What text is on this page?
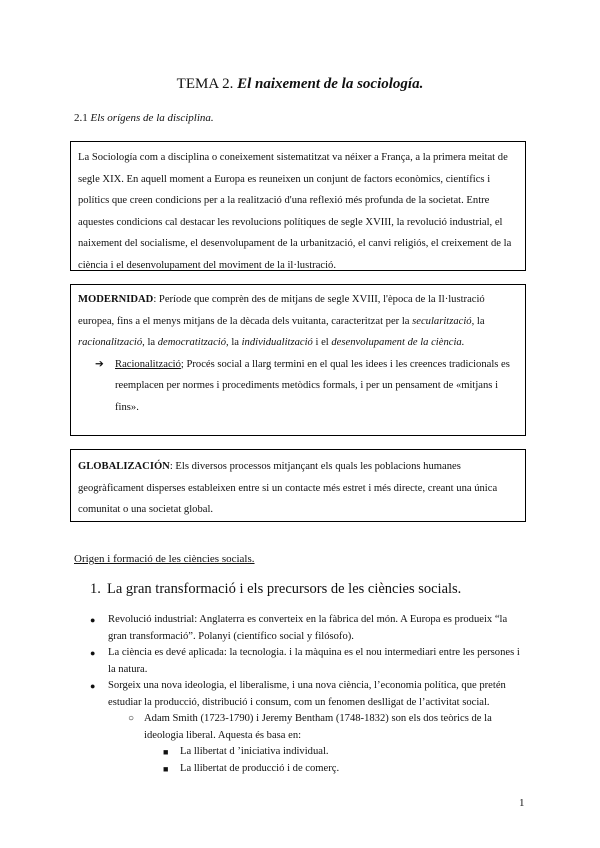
TEMA 2. El naixement de la sociología.
2.1 Els orígens de la disciplina.

La Sociología com a disciplina o coneixement sistematitzat va néixer a França, a la primera meitat de segle XIX. En aquell moment a Europa es reuneixen un conjunt de factors econòmics, científics i polítics que creen condicions per a la realització d'una reflexió més profunda de la societat. Entre aquestes condicions cal destacar les revolucions polítiques de segle XVIII, la revolució industrial, el naixement del socialisme, el desenvolupament de la urbanització, el canvi religiós, el creixement de la ciència i el desenvolupament del moviment de la il·lustració.

MODERNIDAD: Període que comprèn des de mitjans de segle XVIII, l'època de la Il·lustració europea, fins a el menys mitjans de la dècada dels vuitanta, caracteritzat per la secularització, la racionalització, la democratització, la individualització i el desenvolupament de la ciència.

➔ Racionalització; Procés social a llarg termini en el qual les idees i les creences tradicionals es reemplacen per normes i procediments metòdics formals, i per un pensament de «mitjans i fins».

GLOBALIZACIÓN: Els diversos processos mitjançant els quals les poblacions humanes geogràficament disperses estableixen entre si un contacte més estret i més directe, creant una única comunitat o una societat global.

Origen i formació de les ciències socials.
1. La gran transformació i els precursors de les ciències socials.
● Revolució industrial: Anglaterra es converteix en la fàbrica del món. A Europa es produeix “la gran transformació”. Polanyi (científico social y filósofo).
● La ciència es devé aplicada: la tecnologia. i la màquina es el nou intermediari entre les persones i la natura.
● Sorgeix una nova ideologia, el liberalisme, i una nova ciència, l’economia política, que pretén estudiar la producció, distribució i consum, com un fenomen deslligat de l’activitat social.
○ Adam Smith (1723-1790) i Jeremy Bentham (1748-1832) son els dos teòrics de la ideologia liberal. Aquesta és basa en:
■ La llibertat d ’iniciativa individual.
■ La llibertat de producció i de comerç.
1
